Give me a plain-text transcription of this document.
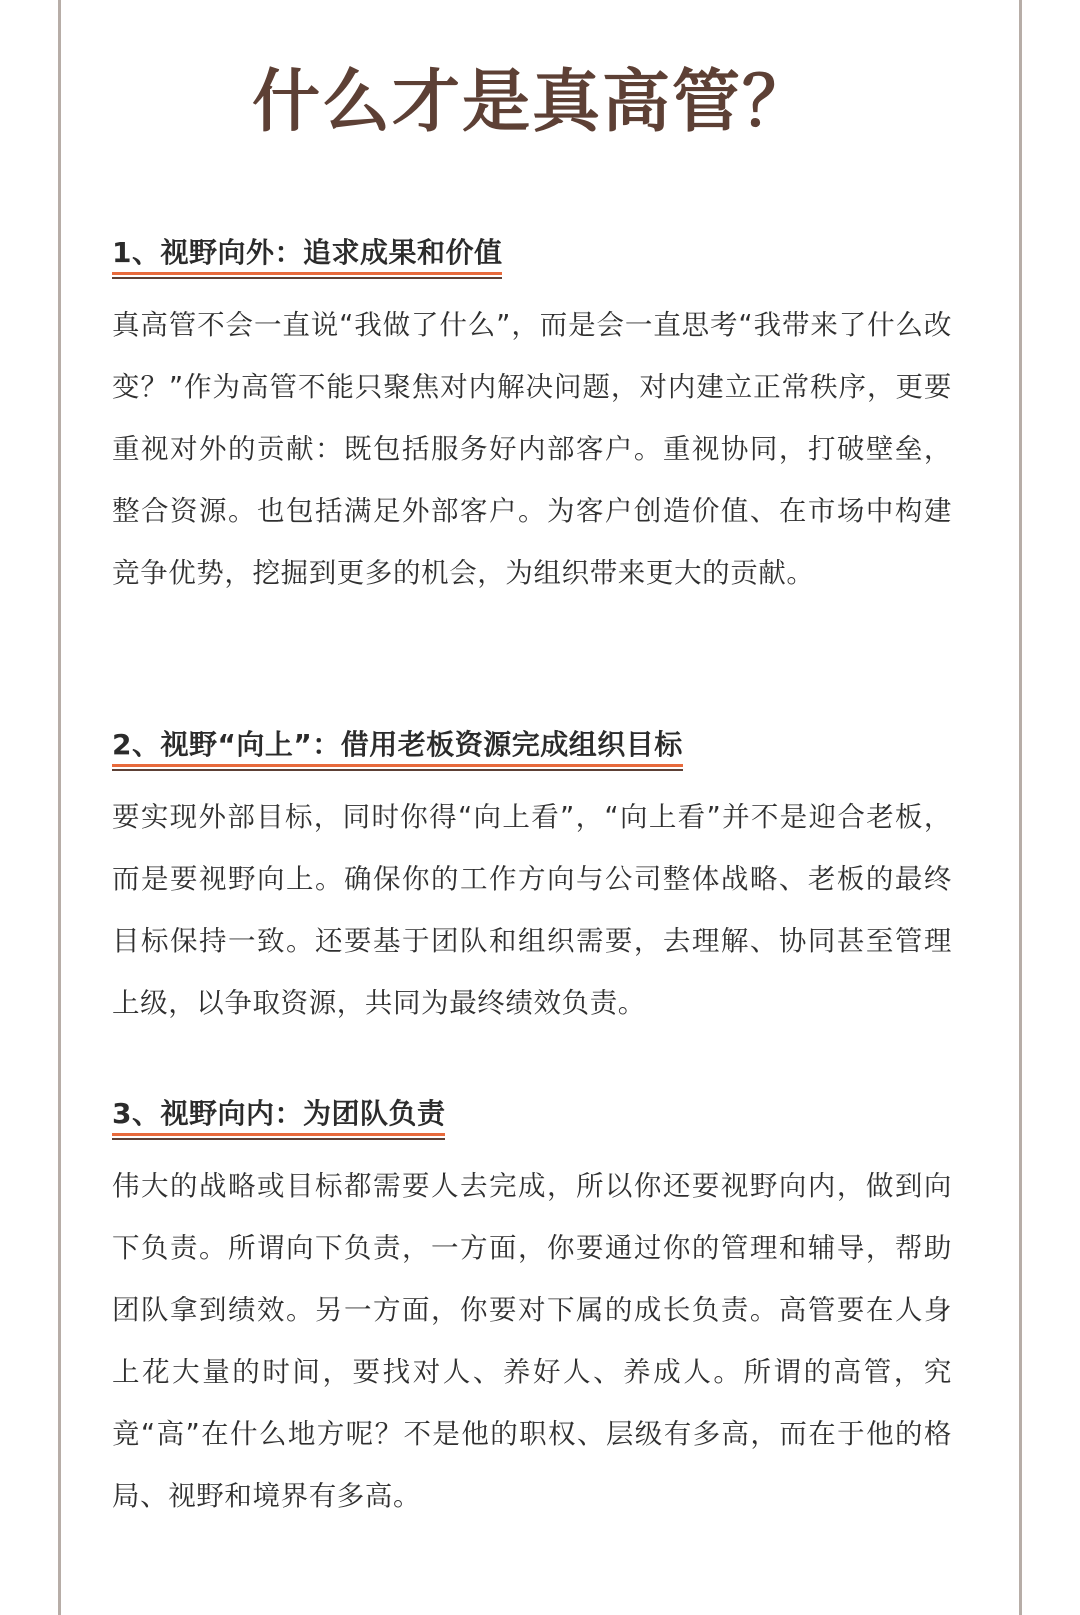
什么才是真高管？
1、视野向外：追求成果和价值

真高管不会一直说“我做了什么”，而是会一直思考“我带来了什么改变？”作为高管不能只聚焦对内解决问题，对内建立正常秩序，更要重视对外的贡献：既包括服务好内部客户。重视协同，打破壁垒，整合资源。也包括满足外部客户。为客户创造价值、在市场中构建竞争优势，挖掘到更多的机会，为组织带来更大的贡献。

2、视野“向上”：借用老板资源完成组织目标

要实现外部目标，同时你得“向上看”，“向上看”并不是迎合老板，而是要视野向上。确保你的工作方向与公司整体战略、老板的最终目标保持一致。还要基于团队和组织需要，去理解、协同甚至管理上级，以争取资源，共同为最终绩效负责。

3、视野向内：为团队负责

伟大的战略或目标都需要人去完成，所以你还要视野向内，做到向下负责。所谓向下负责，一方面，你要通过你的管理和辅导，帮助团队拿到绩效。另一方面，你要对下属的成长负责。高管要在人身上花大量的时间，要找对人、养好人、养成人。所谓的高管，究竟“高”在什么地方呢？不是他的职权、层级有多高，而在于他的格局、视野和境界有多高。
